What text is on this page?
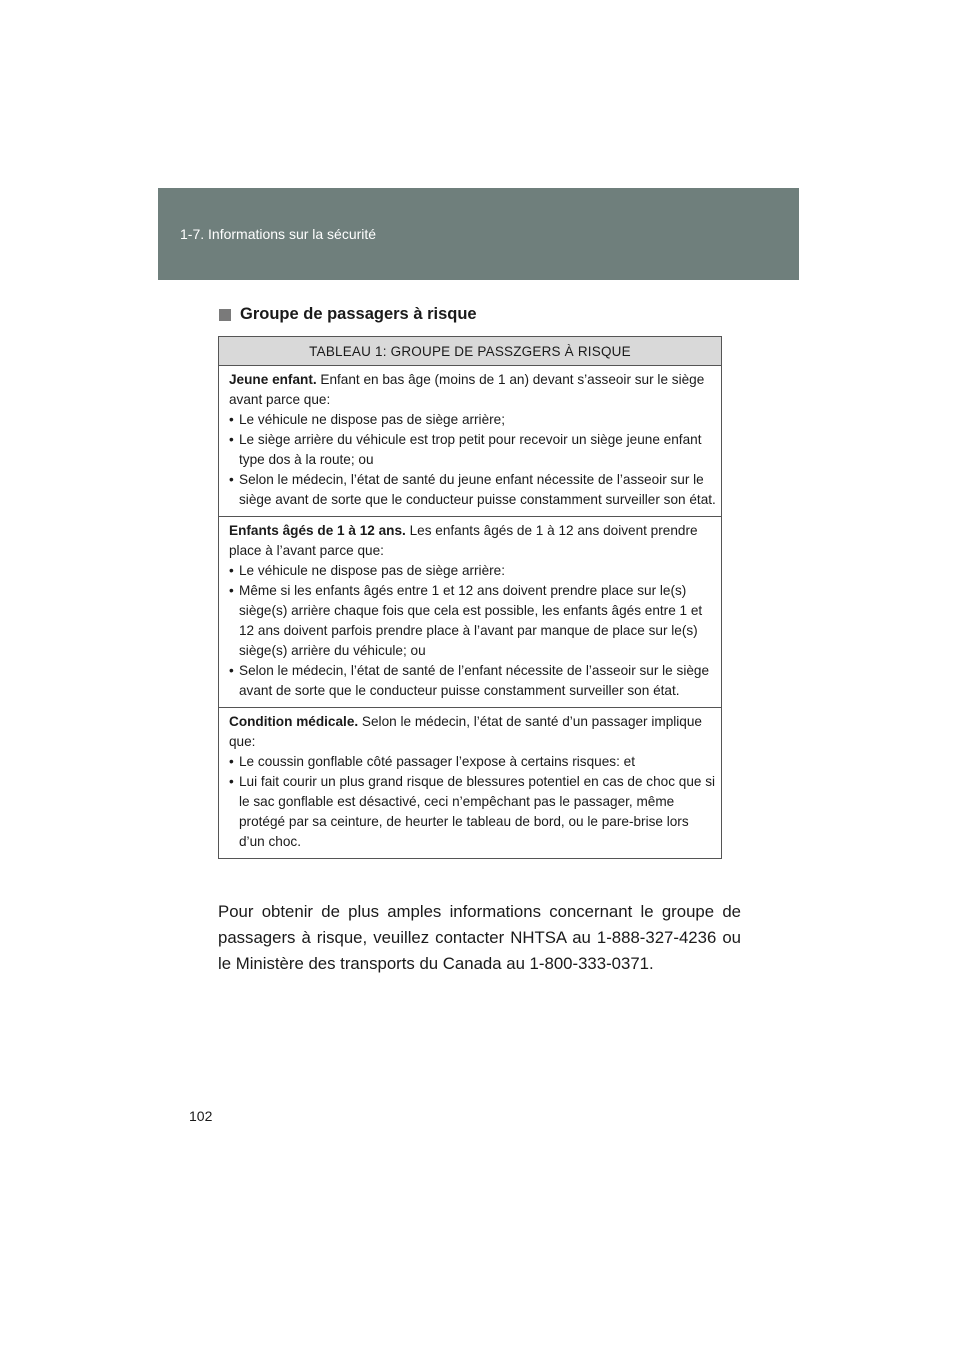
1-7. Informations sur la sécurité
Groupe de passagers à risque
TABLEAU 1: GROUPE DE PASSZGERS À RISQUE
Jeune enfant. Enfant en bas âge (moins de 1 an) devant s’asseoir sur le siège avant parce que:
• Le véhicule ne dispose pas de siège arrière;
• Le siège arrière du véhicule est trop petit pour recevoir un siège jeune enfant type dos à la route; ou
• Selon le médecin, l’état de santé du jeune enfant nécessite de l’asseoir sur le siège avant de sorte que le conducteur puisse constamment surveiller son état.
Enfants âgés de 1 à 12 ans. Les enfants âgés de 1 à 12 ans doivent prendre place à l’avant parce que:
• Le véhicule ne dispose pas de siège arrière:
• Même si les enfants âgés entre 1 et 12 ans doivent prendre place sur le(s) siège(s) arrière chaque fois que cela est possible, les enfants âgés entre 1 et 12 ans doivent parfois prendre place à l’avant par manque de place sur le(s) siège(s) arrière du véhicule; ou
• Selon le médecin, l’état de santé de l’enfant nécessite de l’asseoir sur le siège avant de sorte que le conducteur puisse constamment surveiller son état.
Condition médicale. Selon le médecin, l’état de santé d’un passager implique que:
• Le coussin gonflable côté passager l’expose à certains risques: et
• Lui fait courir un plus grand risque de blessures potentiel en cas de choc que si le sac gonflable est désactivé, ceci n’empêchant pas le passager, même protégé par sa ceinture, de heurter le tableau de bord, ou le pare-brise lors d’un choc.

Pour obtenir de plus amples informations concernant le groupe de passagers à risque, veuillez contacter NHTSA au 1-888-327-4236 ou le Ministère des transports du Canada au 1-800-333-0371.

102
